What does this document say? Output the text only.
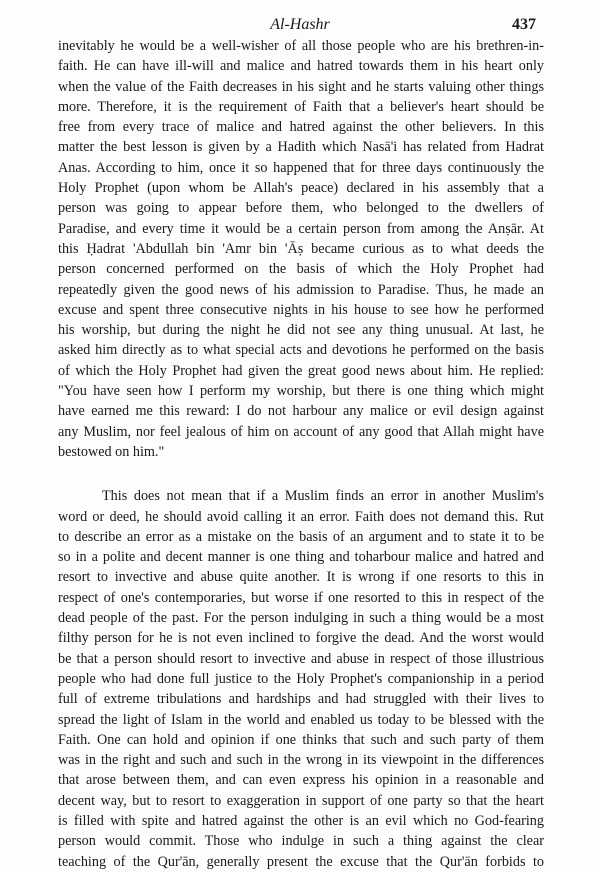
Al-Hashr	437
inevitably he would be a well-wisher of all those people who are his brethren-in-
faith. He can have ill-will and malice and hatred towards them in his heart only
when the value of the Faith decreases in his sight and he starts valuing other things
more. Therefore, it is the requirement of Faith that a believer's heart should be
free from every trace of malice and hatred against the other believers. In this
matter the best lesson is given by a Hadith which Nasā'i has related from Hadrat
Anas. According to him, once it so happened that for three days continuously the
Holy Prophet (upon whom be Allah's peace) declared in his assembly that a
person was going to appear before them, who belonged to the dwellers of
Paradise, and every time it would be a certain person from among the Anṣār. At
this Ḥadrat 'Abdullah bin 'Amr bin 'Āṣ became curious as to what deeds the
person concerned performed on the basis of which the Holy Prophet had
repeatedly given the good news of his admission to Paradise. Thus, he made an
excuse and spent three consecutive nights in his house to see how he performed
his worship, but during the night he did not see any thing unusual. At last, he
asked him directly as to what special acts and devotions he performed on the basis
of which the Holy Prophet had given the great good news about him. He replied:
"You have seen how I perform my worship, but there is one thing which might
have earned me this reward: I do not harbour any malice or evil design against
any Muslim, nor feel jealous of him on account of any good that Allah might have
bestowed on him."
This does not mean that if a Muslim finds an error in another Muslim's
word or deed, he should avoid calling it an error. Faith does not demand this. Rut
to describe an error as a mistake on the basis of an argument and to state it to be
so in a polite and decent manner is one thing and toharbour malice and hatred and
resort to invective and abuse quite another. It is wrong if one resorts to this in
respect of one's contemporaries, but worse if one resorted to this in respect of the
dead people of the past. For the person indulging in such a thing would be a most
filthy person for he is not even inclined to forgive the dead. And the worst would
be that a person should resort to invective and abuse in respect of those illustrious
people who had done full justice to the Holy Prophet's companionship in a period
full of extreme tribulations and hardships and had struggled with their lives to
spread the light of Islam in the world and enabled us today to be blessed with the
Faith. One can hold and opinion if one thinks that such and such party of them
was in the right and such and such in the wrong in its viewpoint in the differences
that arose between them, and can even express his opinion in a reasonable and
decent way, but to resort to exaggeration in support of one party so that the heart
is filled with spite and hatred against the other is an evil which no God-fearing
person would commit. Those who indulge in such a thing against the clear
teaching of the Qur'ān, generally present the excuse that the Qur'ān forbids to
